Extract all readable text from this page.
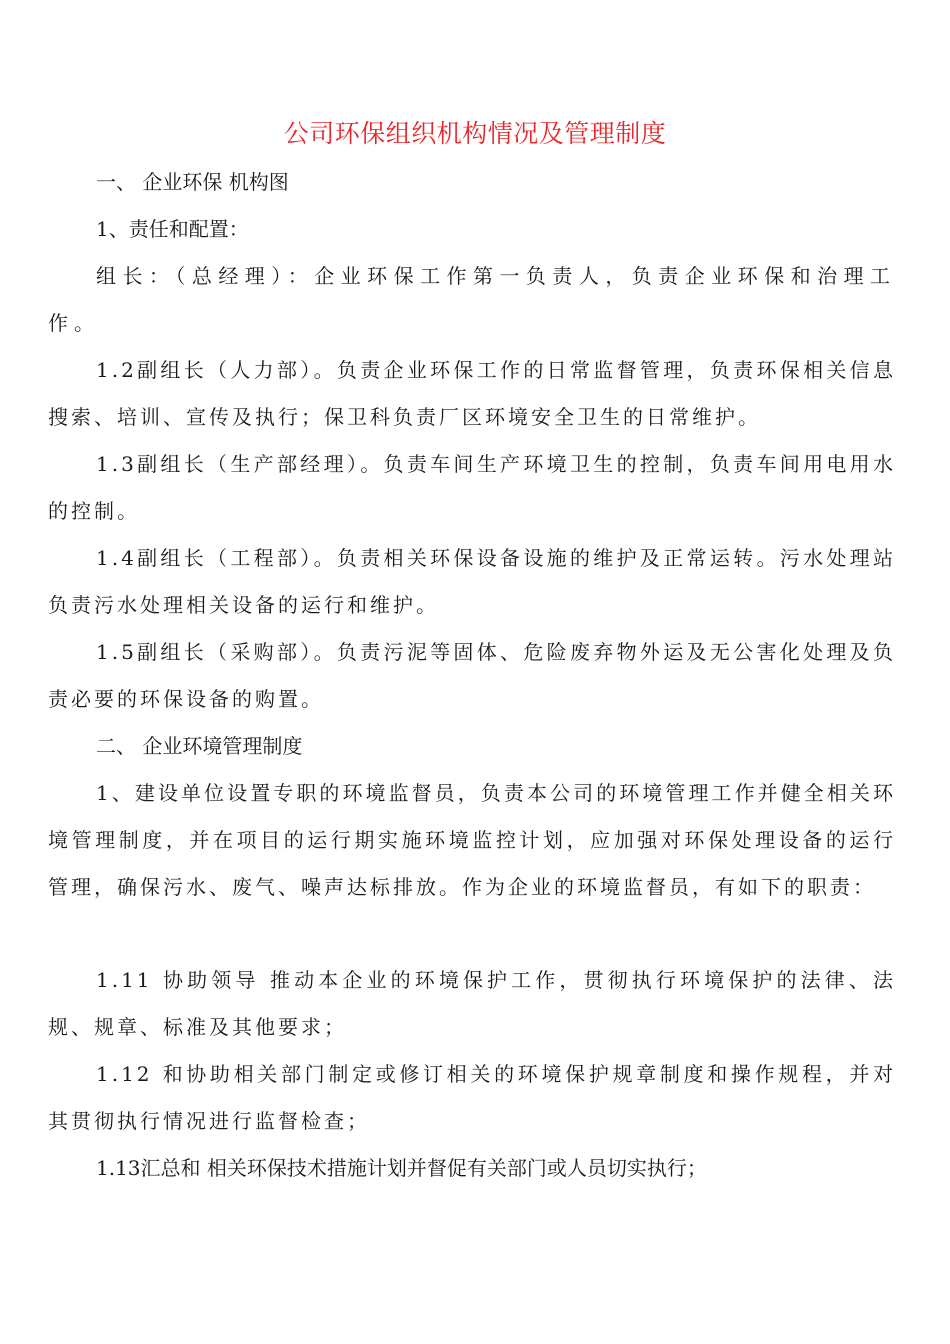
公司环保组织机构情况及管理制度
一、 企业环保 机构图
1、责任和配置：
组长：（总经理）：企业环保工作第一负责人，负责企业环保和治理工作。
1.2副组长（人力部）。负责企业环保工作的日常监督管理，负责环保相关信息搜索、培训、宣传及执行；保卫科负责厂区环境安全卫生的日常维护。
1.3副组长（生产部经理）。负责车间生产环境卫生的控制，负责车间用电用水的控制。
1.4副组长（工程部）。负责相关环保设备设施的维护及正常运转。污水处理站负责污水处理相关设备的运行和维护。
1.5副组长（采购部）。负责污泥等固体、危险废弃物外运及无公害化处理及负责必要的环保设备的购置。
二、 企业环境管理制度
1、建设单位设置专职的环境监督员，负责本公司的环境管理工作并健全相关环境管理制度，并在项目的运行期实施环境监控计划，应加强对环保处理设备的运行管理，确保污水、废气、噪声达标排放。作为企业的环境监督员，有如下的职责：
1.11 协助领导 推动本企业的环境保护工作，贯彻执行环境保护的法律、法规、规章、标准及其他要求；
1.12 和协助相关部门制定或修订相关的环境保护规章制度和操作规程，并对其贯彻执行情况进行监督检查；
1.13汇总和 相关环保技术措施计划并督促有关部门或人员切实执行；
